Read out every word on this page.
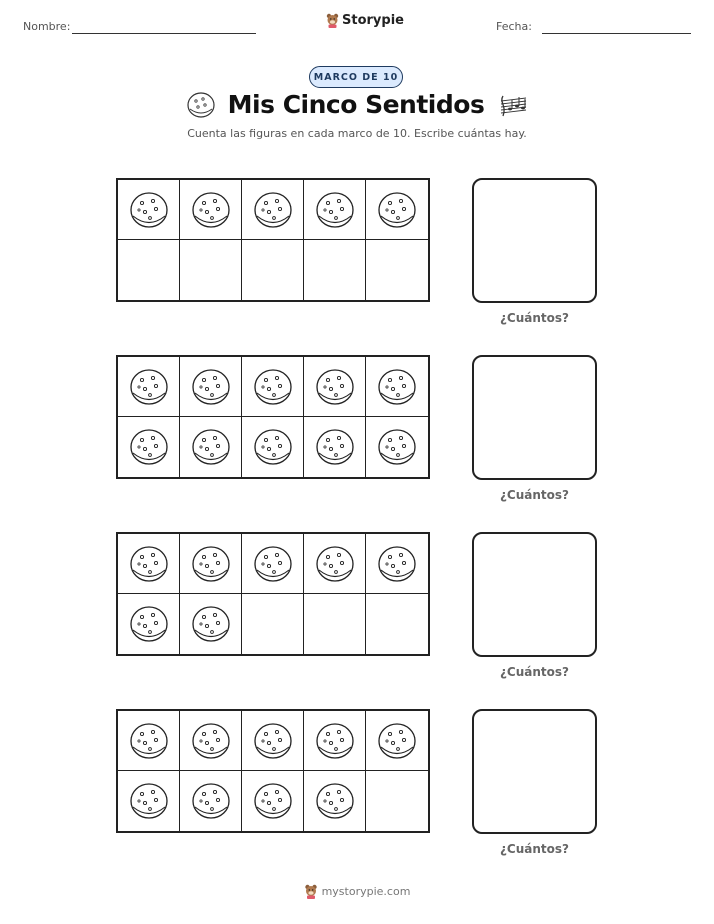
Nombre:	Storypie	Fecha:
MARCO DE 10
Mis Cinco Sentidos
Cuenta las figuras en cada marco de 10. Escribe cuántas hay.
¿Cuántos?
¿Cuántos?
¿Cuántos?
¿Cuántos?
mystorypie.com
